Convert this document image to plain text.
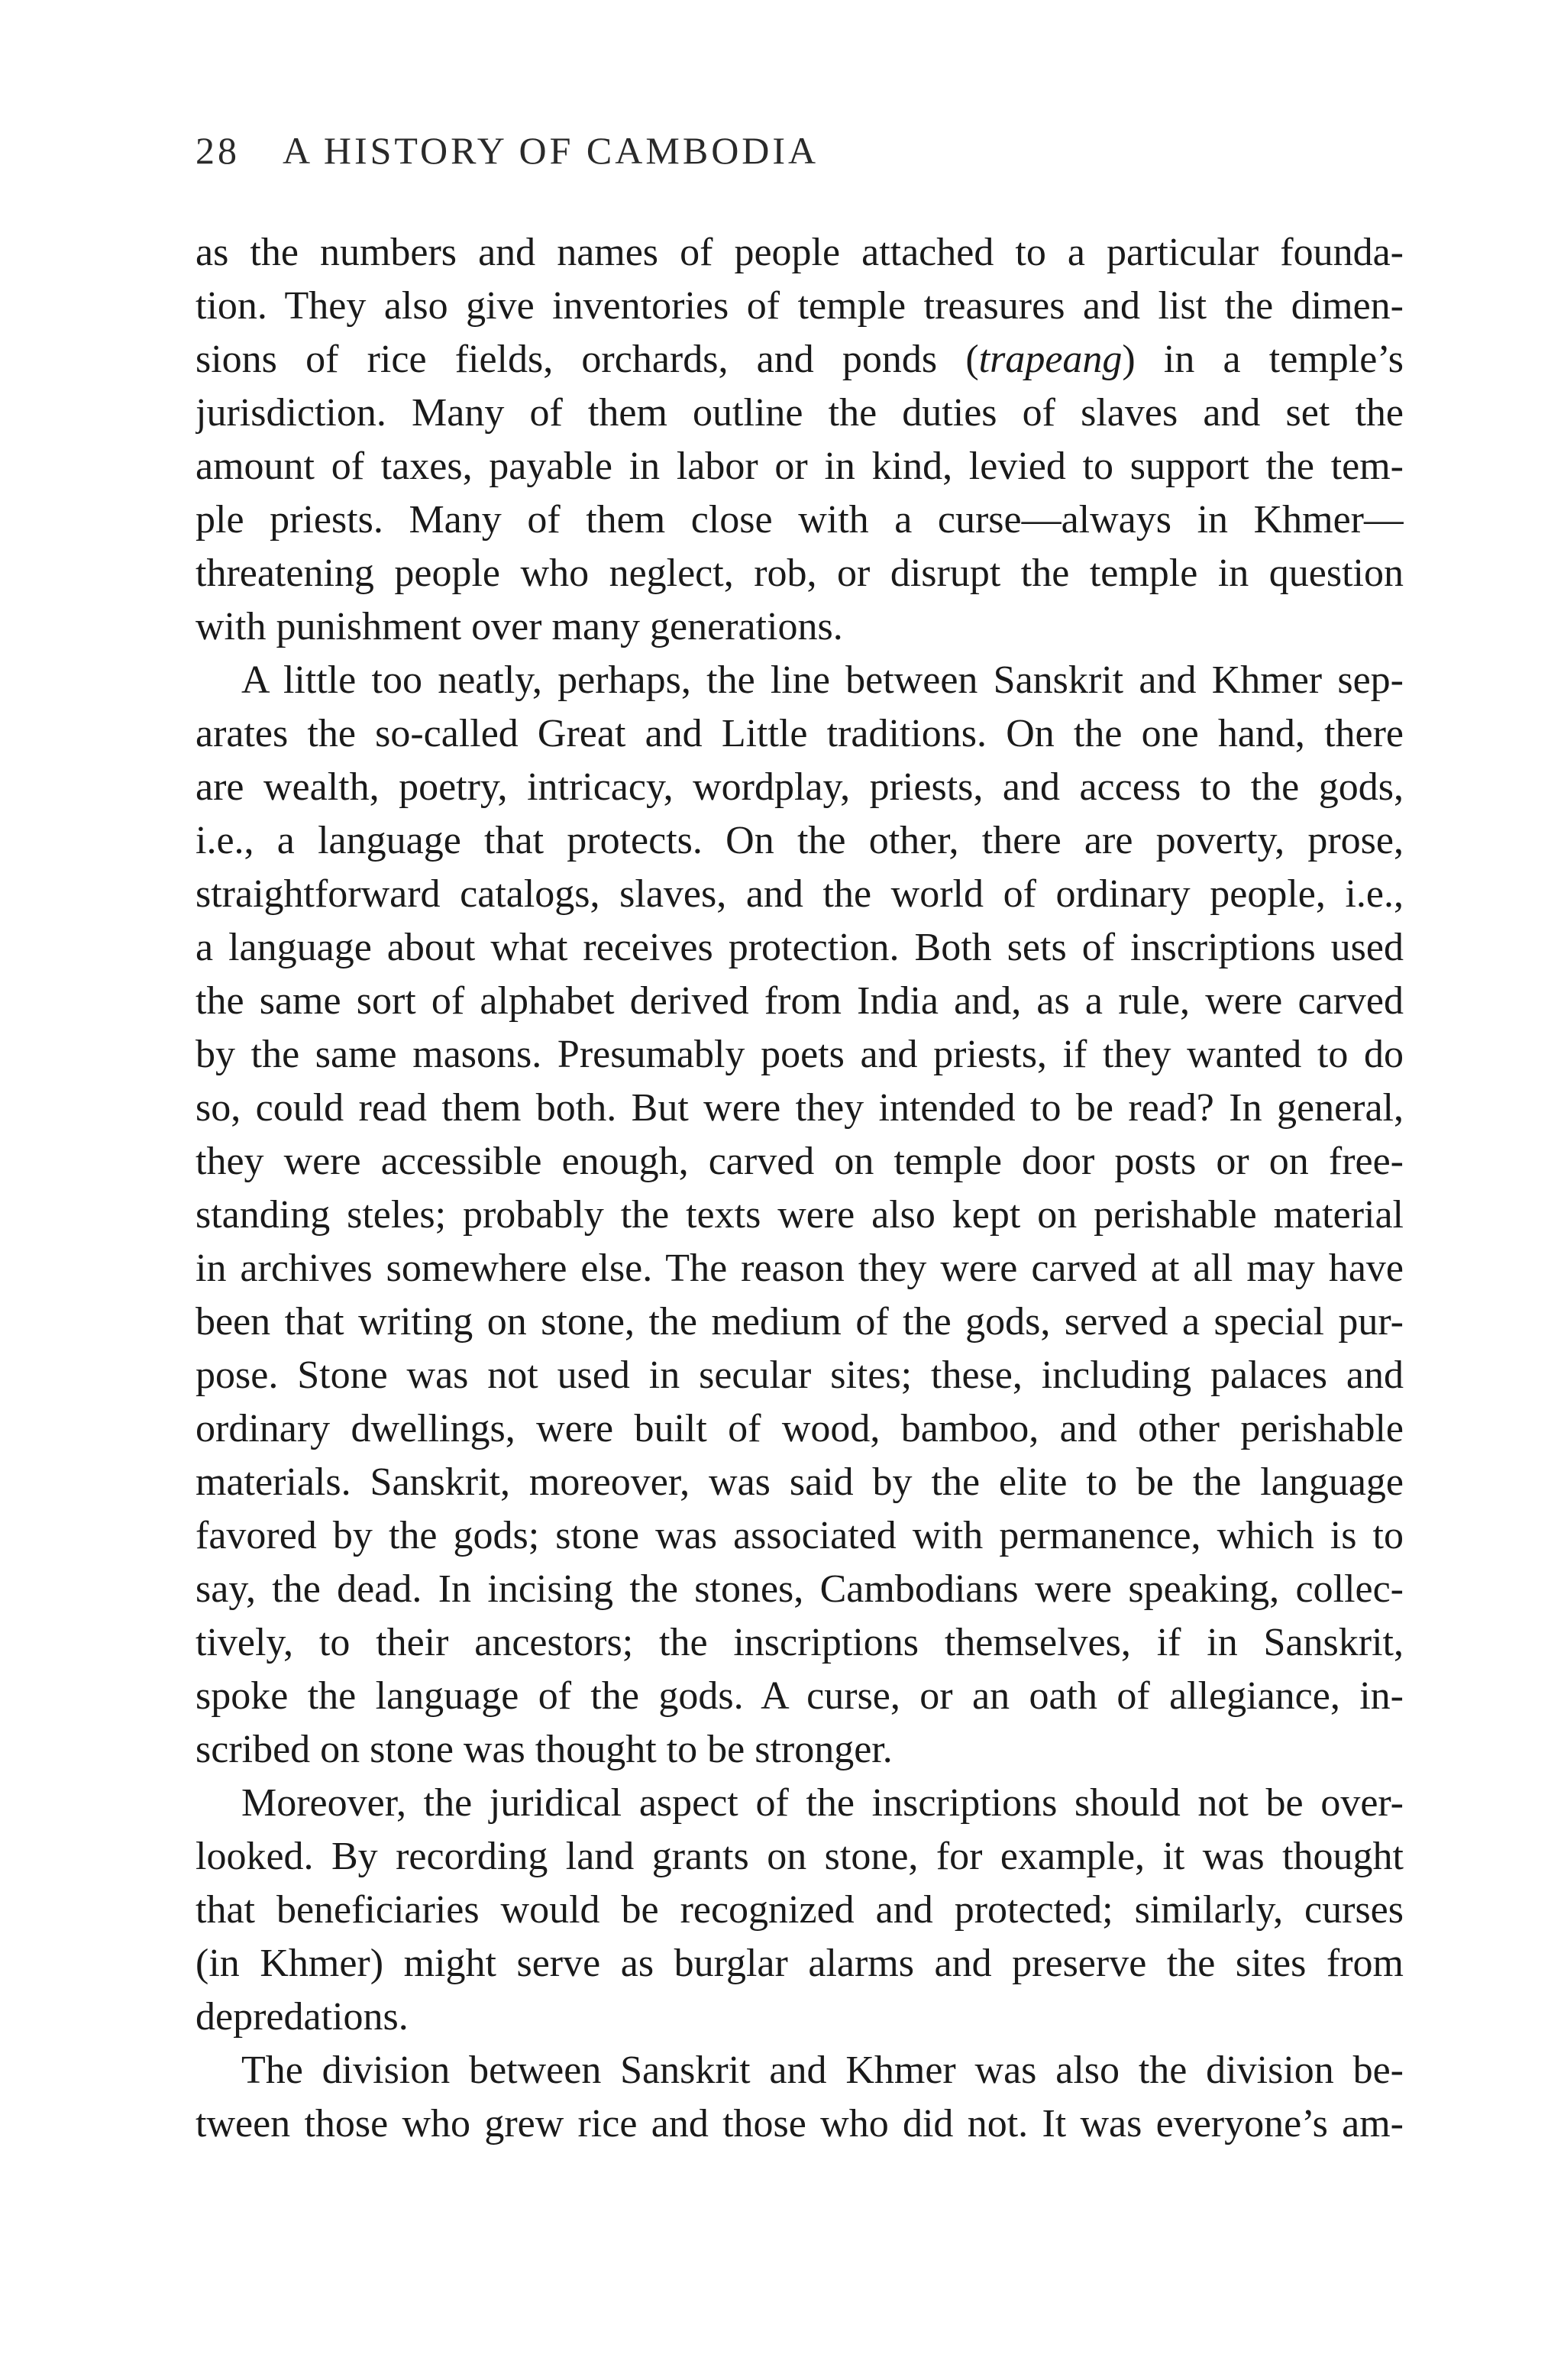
28 A HISTORY OF CAMBODIA
as the numbers and names of people attached to a particular founda-
tion. They also give inventories of temple treasures and list the dimen-
sions of rice fields, orchards, and ponds (trapeang) in a temple’s
jurisdiction. Many of them outline the duties of slaves and set the
amount of taxes, payable in labor or in kind, levied to support the tem-
ple priests. Many of them close with a curse—always in Khmer—
threatening people who neglect, rob, or disrupt the temple in question
with punishment over many generations.
A little too neatly, perhaps, the line between Sanskrit and Khmer sep-
arates the so-called Great and Little traditions. On the one hand, there
are wealth, poetry, intricacy, wordplay, priests, and access to the gods,
i.e., a language that protects. On the other, there are poverty, prose,
straightforward catalogs, slaves, and the world of ordinary people, i.e.,
a language about what receives protection. Both sets of inscriptions used
the same sort of alphabet derived from India and, as a rule, were carved
by the same masons. Presumably poets and priests, if they wanted to do
so, could read them both. But were they intended to be read? In general,
they were accessible enough, carved on temple door posts or on free-
standing steles; probably the texts were also kept on perishable material
in archives somewhere else. The reason they were carved at all may have
been that writing on stone, the medium of the gods, served a special pur-
pose. Stone was not used in secular sites; these, including palaces and
ordinary dwellings, were built of wood, bamboo, and other perishable
materials. Sanskrit, moreover, was said by the elite to be the language
favored by the gods; stone was associated with permanence, which is to
say, the dead. In incising the stones, Cambodians were speaking, collec-
tively, to their ancestors; the inscriptions themselves, if in Sanskrit,
spoke the language of the gods. A curse, or an oath of allegiance, in-
scribed on stone was thought to be stronger.
Moreover, the juridical aspect of the inscriptions should not be over-
looked. By recording land grants on stone, for example, it was thought
that beneficiaries would be recognized and protected; similarly, curses
(in Khmer) might serve as burglar alarms and preserve the sites from
depredations.
The division between Sanskrit and Khmer was also the division be-
tween those who grew rice and those who did not. It was everyone’s am-
